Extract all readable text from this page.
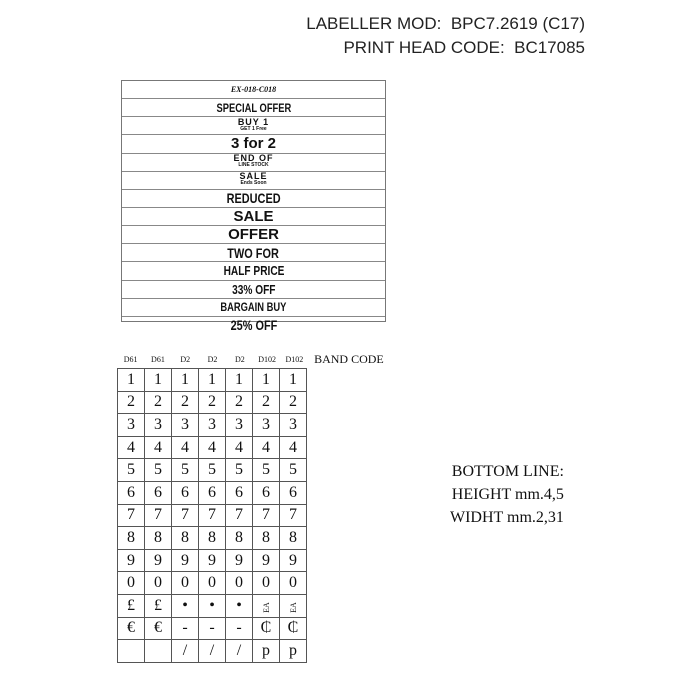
LABELLER MOD:  BPC7.2619 (C17)
PRINT HEAD CODE:  BC17085
EX-018-C018
SPECIAL OFFER
BUY 1
GET 1 Free
3 for 2
END OF
LINE STOCK
SALE
Ends Soon
REDUCED
SALE
OFFER
TWO FOR
HALF PRICE
33% OFF
BARGAIN BUY
25% OFF
D61	D61	D2	D2	D2	D102	D102 BAND CODE
1	1	1	1	1	1	1
2	2	2	2	2	2	2
3	3	3	3	3	3	3
4	4	4	4	4	4	4
5	5	5	5	5	5	5
6	6	6	6	6	6	6
7	7	7	7	7	7	7
8	8	8	8	8	8	8
9	9	9	9	9	9	9
0	0	0	0	0	0	0
£	£	•	•	•	EA	EA
€	€	-	-	-	₵	₵
		/	/	/	p	p
BOTTOM LINE:
HEIGHT mm.4,5
WIDHT mm.2,31
